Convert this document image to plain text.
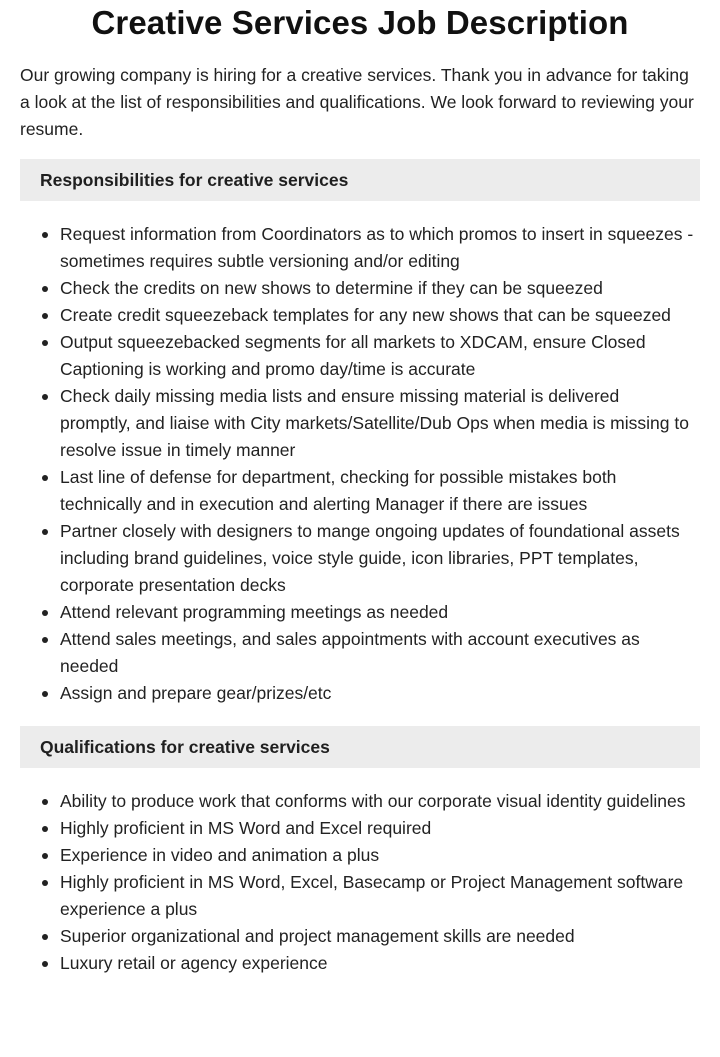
Creative Services Job Description

Our growing company is hiring for a creative services. Thank you in advance for taking a look at the list of responsibilities and qualifications. We look forward to reviewing your resume.

Responsibilities for creative services
Request information from Coordinators as to which promos to insert in squeezes - sometimes requires subtle versioning and/or editing
Check the credits on new shows to determine if they can be squeezed
Create credit squeezeback templates for any new shows that can be squeezed
Output squeezebacked segments for all markets to XDCAM, ensure Closed Captioning is working and promo day/time is accurate
Check daily missing media lists and ensure missing material is delivered promptly, and liaise with City markets/Satellite/Dub Ops when media is missing to resolve issue in timely manner
Last line of defense for department, checking for possible mistakes both technically and in execution and alerting Manager if there are issues
Partner closely with designers to mange ongoing updates of foundational assets including brand guidelines, voice style guide, icon libraries, PPT templates, corporate presentation decks
Attend relevant programming meetings as needed
Attend sales meetings, and sales appointments with account executives as needed
Assign and prepare gear/prizes/etc
Qualifications for creative services
Ability to produce work that conforms with our corporate visual identity guidelines
Highly proficient in MS Word and Excel required
Experience in video and animation a plus
Highly proficient in MS Word, Excel, Basecamp or Project Management software experience a plus
Superior organizational and project management skills are needed
Luxury retail or agency experience
